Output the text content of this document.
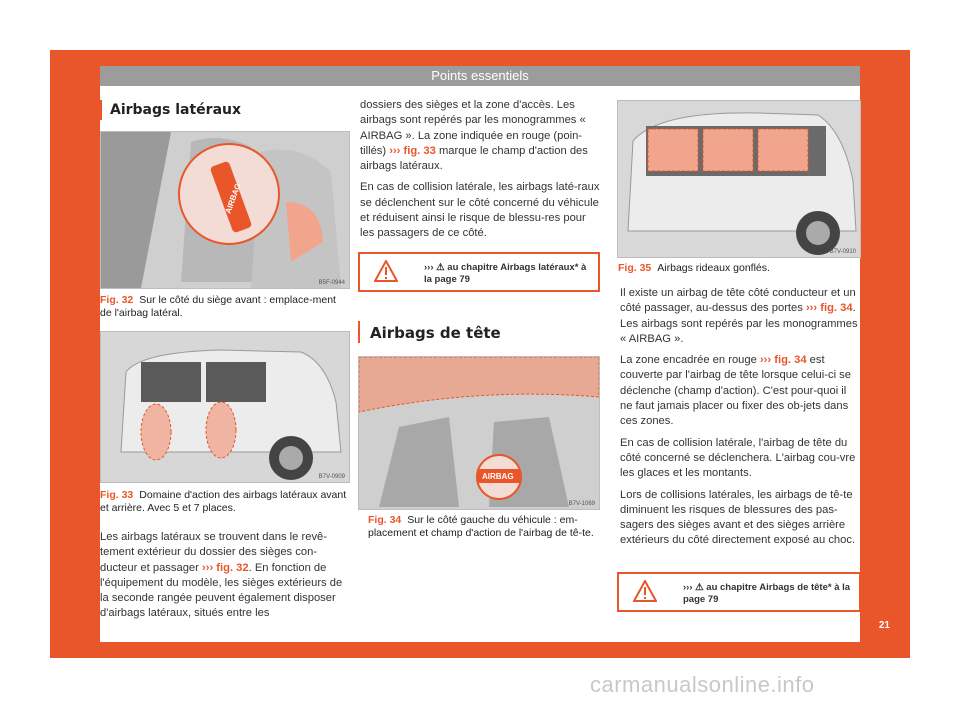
Points essentiels
Airbags latéraux
AIRBAG
B5F-0944
Fig. 32 Sur le côté du siège avant : emplace-ment de l'airbag latéral.
B7V-0909
Fig. 33 Domaine d'action des airbags latéraux avant et arrière. Avec 5 et 7 places.

Les airbags latéraux se trouvent dans le revê-tement extérieur du dossier des sièges con-ducteur et passager ››› fig. 32. En fonction de l'équipement du modèle, les sièges extérieurs de la seconde rangée peuvent également disposer d'airbags latéraux, situés entre les

dossiers des sièges et la zone d'accès. Les airbags sont repérés par les monogrammes « AIRBAG ». La zone indiquée en rouge (poin-tillés) ››› fig. 33 marque le champ d'action des airbags latéraux.

En cas de collision latérale, les airbags laté-raux se déclenchent sur le côté concerné du véhicule et réduisent ainsi le risque de blessu-res pour les passagers de ce côté.

››› ⚠ au chapitre Airbags latéraux* à la page 79
Airbags de tête
AIRBAG
B7V-1069
Fig. 34 Sur le côté gauche du véhicule : em-placement et champ d'action de l'airbag de tê-te.
B7V-0910
Fig. 35 Airbags rideaux gonflés.

Il existe un airbag de tête côté conducteur et un côté passager, au-dessus des portes ››› fig. 34. Les airbags sont repérés par les monogrammes « AIRBAG ».

La zone encadrée en rouge ››› fig. 34 est couverte par l'airbag de tête lorsque celui-ci se déclenche (champ d'action). C'est pour-quoi il ne faut jamais placer ou fixer des ob-jets dans ces zones.

En cas de collision latérale, l'airbag de tête du côté concerné se déclenchera. L'airbag cou-vre les glaces et les montants.

Lors de collisions latérales, les airbags de tê-te diminuent les risques de blessures des pas-sagers des sièges avant et des sièges arrière extérieurs du côté directement exposé au choc.

››› ⚠ au chapitre Airbags de tête* à la page 79
21
carmanualsonline.info
